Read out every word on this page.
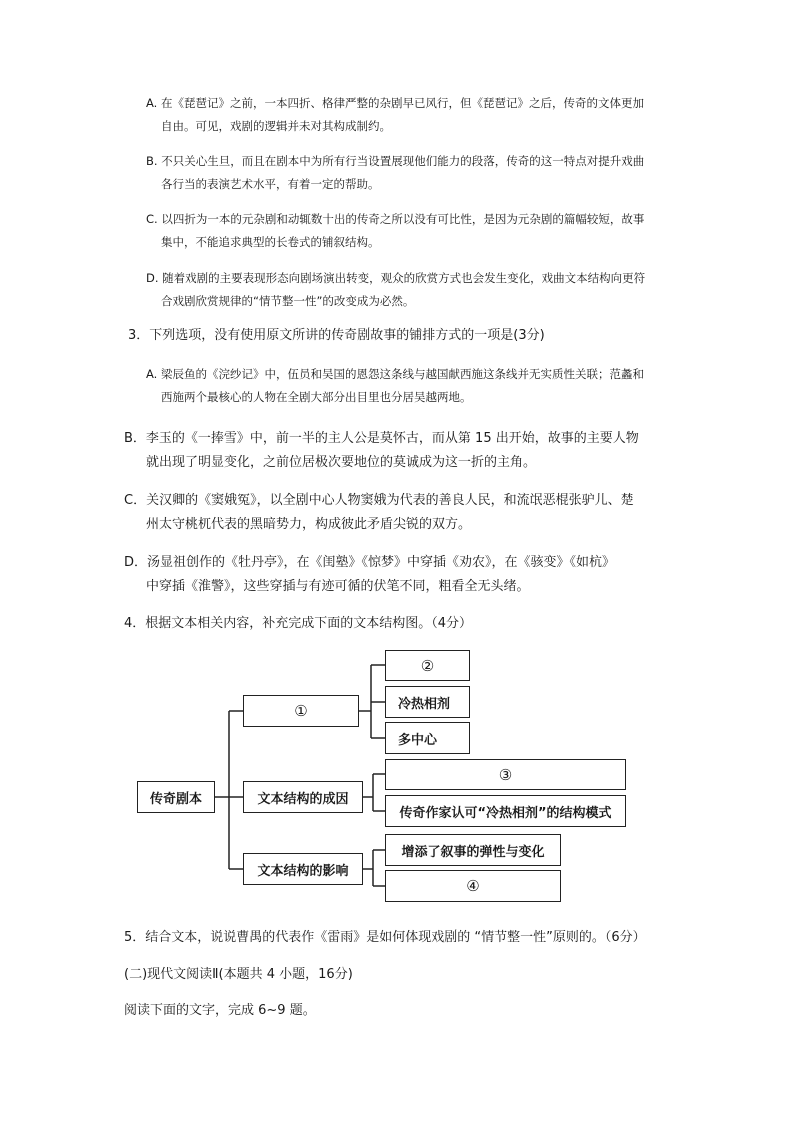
A. 在《琵琶记》之前，一本四折、格律严整的杂剧早已风行，但《琵琶记》之后，传奇的文体更加
自由。可见，戏剧的逻辑并未对其构成制约。
B. 不只关心生旦，而且在剧本中为所有行当设置展现他们能力的段落，传奇的这一特点对提升戏曲
各行当的表演艺术水平，有着一定的帮助。
C. 以四折为一本的元杂剧和动辄数十出的传奇之所以没有可比性，是因为元杂剧的篇幅较短，故事
集中，不能追求典型的长卷式的铺叙结构。
D. 随着戏剧的主要表现形态向剧场演出转变，观众的欣赏方式也会发生变化，戏曲文本结构向更符
合戏剧欣赏规律的“情节整一性”的改变成为必然。
3．下列选项，没有使用原文所讲的传奇剧故事的铺排方式的一项是(3分)
A. 梁辰鱼的《浣纱记》中，伍员和吴国的恩怨这条线与越国献西施这条线并无实质性关联；范蠡和
西施两个最核心的人物在全剧大部分出目里也分居吴越两地。
B．李玉的《一捧雪》中，前一半的主人公是莫怀古，而从第 15 出开始，故事的主要人物
就出现了明显变化，之前位居极次要地位的莫诚成为这一折的主角。
C．关汉卿的《窦娥冤》，以全剧中心人物窦娥为代表的善良人民，和流氓恶棍张驴儿、楚
州太守桃杌代表的黑暗势力，构成彼此矛盾尖锐的双方。
D．汤显祖创作的《牡丹亭》，在《闺塾》《惊梦》中穿插《劝农》，在《骇变》《如杭》
中穿插《淮警》，这些穿插与有迹可循的伏笔不同，粗看全无头绪。
4．根据文本相关内容，补充完成下面的文本结构图。（4分）
传奇剧本
①
②
冷热相剂
多中心
文本结构的成因
③
传奇作家认可“冷热相剂”的结构模式
文本结构的影响
增添了叙事的弹性与变化
④
5．结合文本，说说曹禺的代表作《雷雨》是如何体现戏剧的 “情节整一性”原则的。（6分）
(二)现代文阅读Ⅱ(本题共 4 小题，16分)
阅读下面的文字，完成 6~9 题。
